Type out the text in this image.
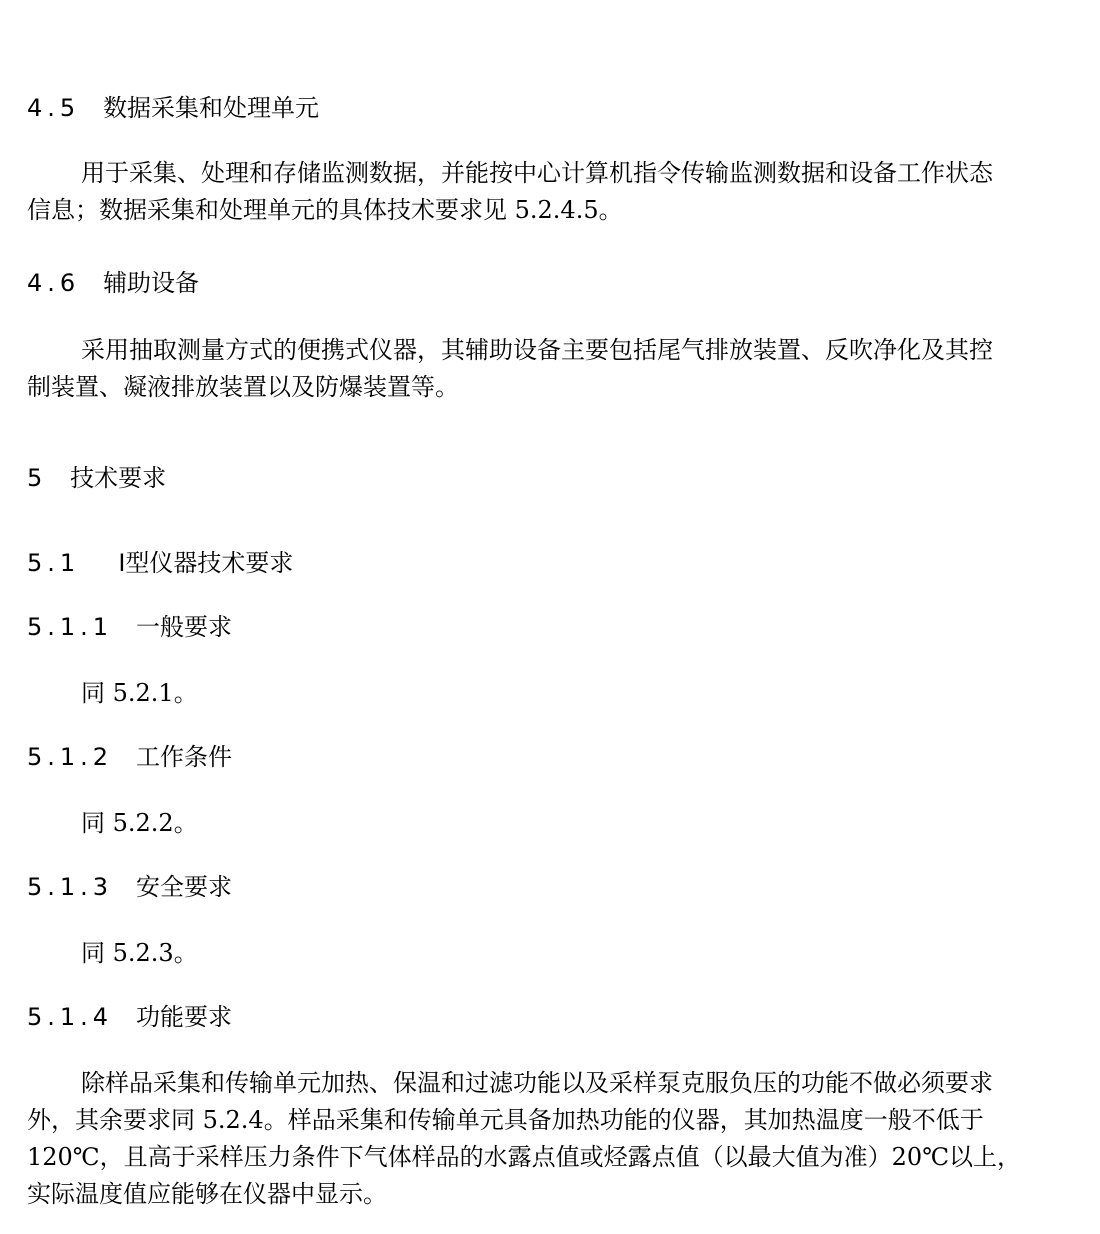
4.5 数据采集和处理单元
用于采集、处理和存储监测数据，并能按中心计算机指令传输监测数据和设备工作状态
信息；数据采集和处理单元的具体技术要求见 5.2.4.5。
4.6 辅助设备
采用抽取测量方式的便携式仪器，其辅助设备主要包括尾气排放装置、反吹净化及其控
制装置、凝液排放装置以及防爆装置等。
5 技术要求
5.1 Ⅰ型仪器技术要求
5.1.1 一般要求
同 5.2.1。
5.1.2 工作条件
同 5.2.2。
5.1.3 安全要求
同 5.2.3。
5.1.4 功能要求
除样品采集和传输单元加热、保温和过滤功能以及采样泵克服负压的功能不做必须要求
外，其余要求同 5.2.4。样品采集和传输单元具备加热功能的仪器，其加热温度一般不低于
120℃，且高于采样压力条件下气体样品的水露点值或烃露点值（以最大值为准）20℃以上，
实际温度值应能够在仪器中显示。
